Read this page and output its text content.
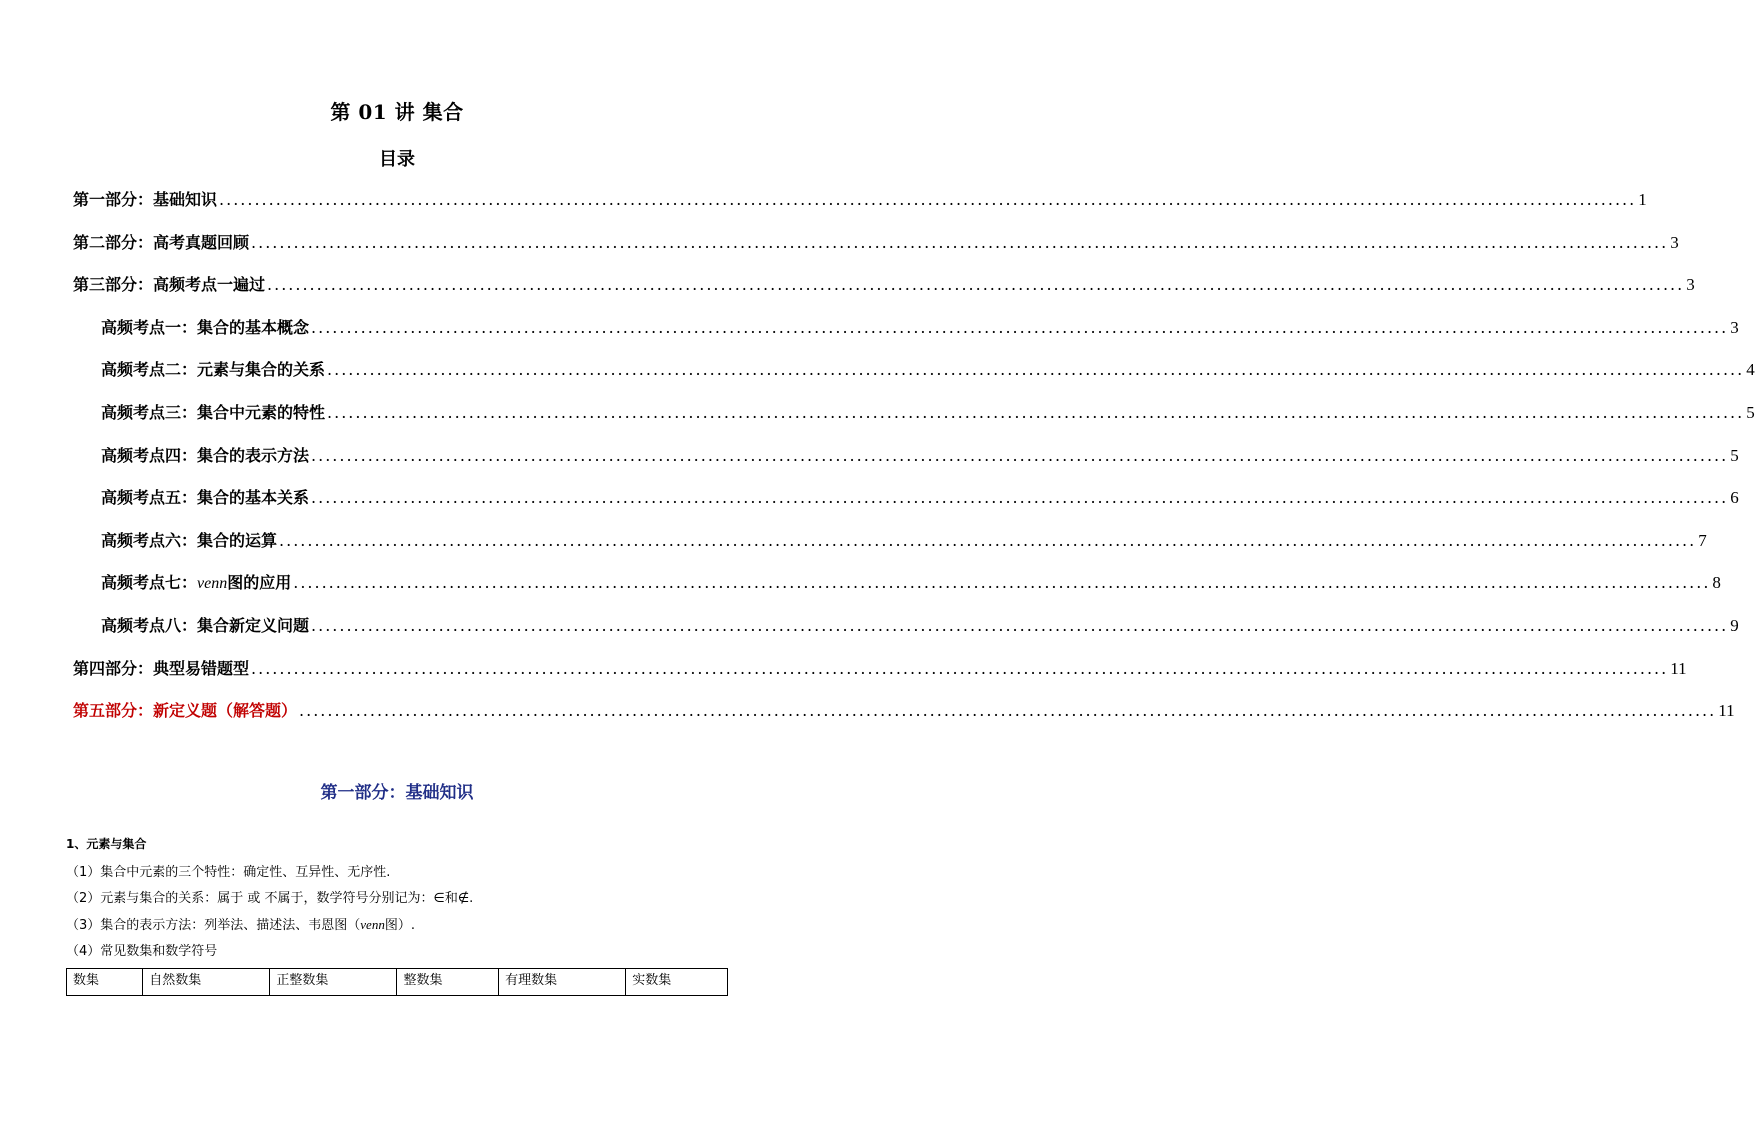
第 01 讲 集合
目录
第一部分：基础知识 ........................................................................................................................................................................................................ 1
第二部分：高考真题回顾 ........................................................................................................................................................................................................ 3
第三部分：高频考点一遍过 ........................................................................................................................................................................................................ 3
高频考点一：集合的基本概念 ........................................................................................................................................................................................................ 3
高频考点二：元素与集合的关系 ........................................................................................................................................................................................................ 4
高频考点三：集合中元素的特性 ........................................................................................................................................................................................................ 5
高频考点四：集合的表示方法 ........................................................................................................................................................................................................ 5
高频考点五：集合的基本关系 ........................................................................................................................................................................................................ 6
高频考点六：集合的运算 ........................................................................................................................................................................................................ 7
高频考点七：venn图的应用 ........................................................................................................................................................................................................ 8
高频考点八：集合新定义问题 ........................................................................................................................................................................................................ 9
第四部分：典型易错题型 ........................................................................................................................................................................................................ 11
第五部分：新定义题（解答题） ........................................................................................................................................................................................................ 11
第一部分：基础知识
1、元素与集合
（1）集合中元素的三个特性：确定性、互异性、无序性.
（2）元素与集合的关系：属于 或 不属于，数学符号分别记为：∈和∉.
（3）集合的表示方法：列举法、描述法、韦恩图（venn图）.
（4）常见数集和数学符号
数集	自然数集	正整数集	整数集	有理数集	实数集
